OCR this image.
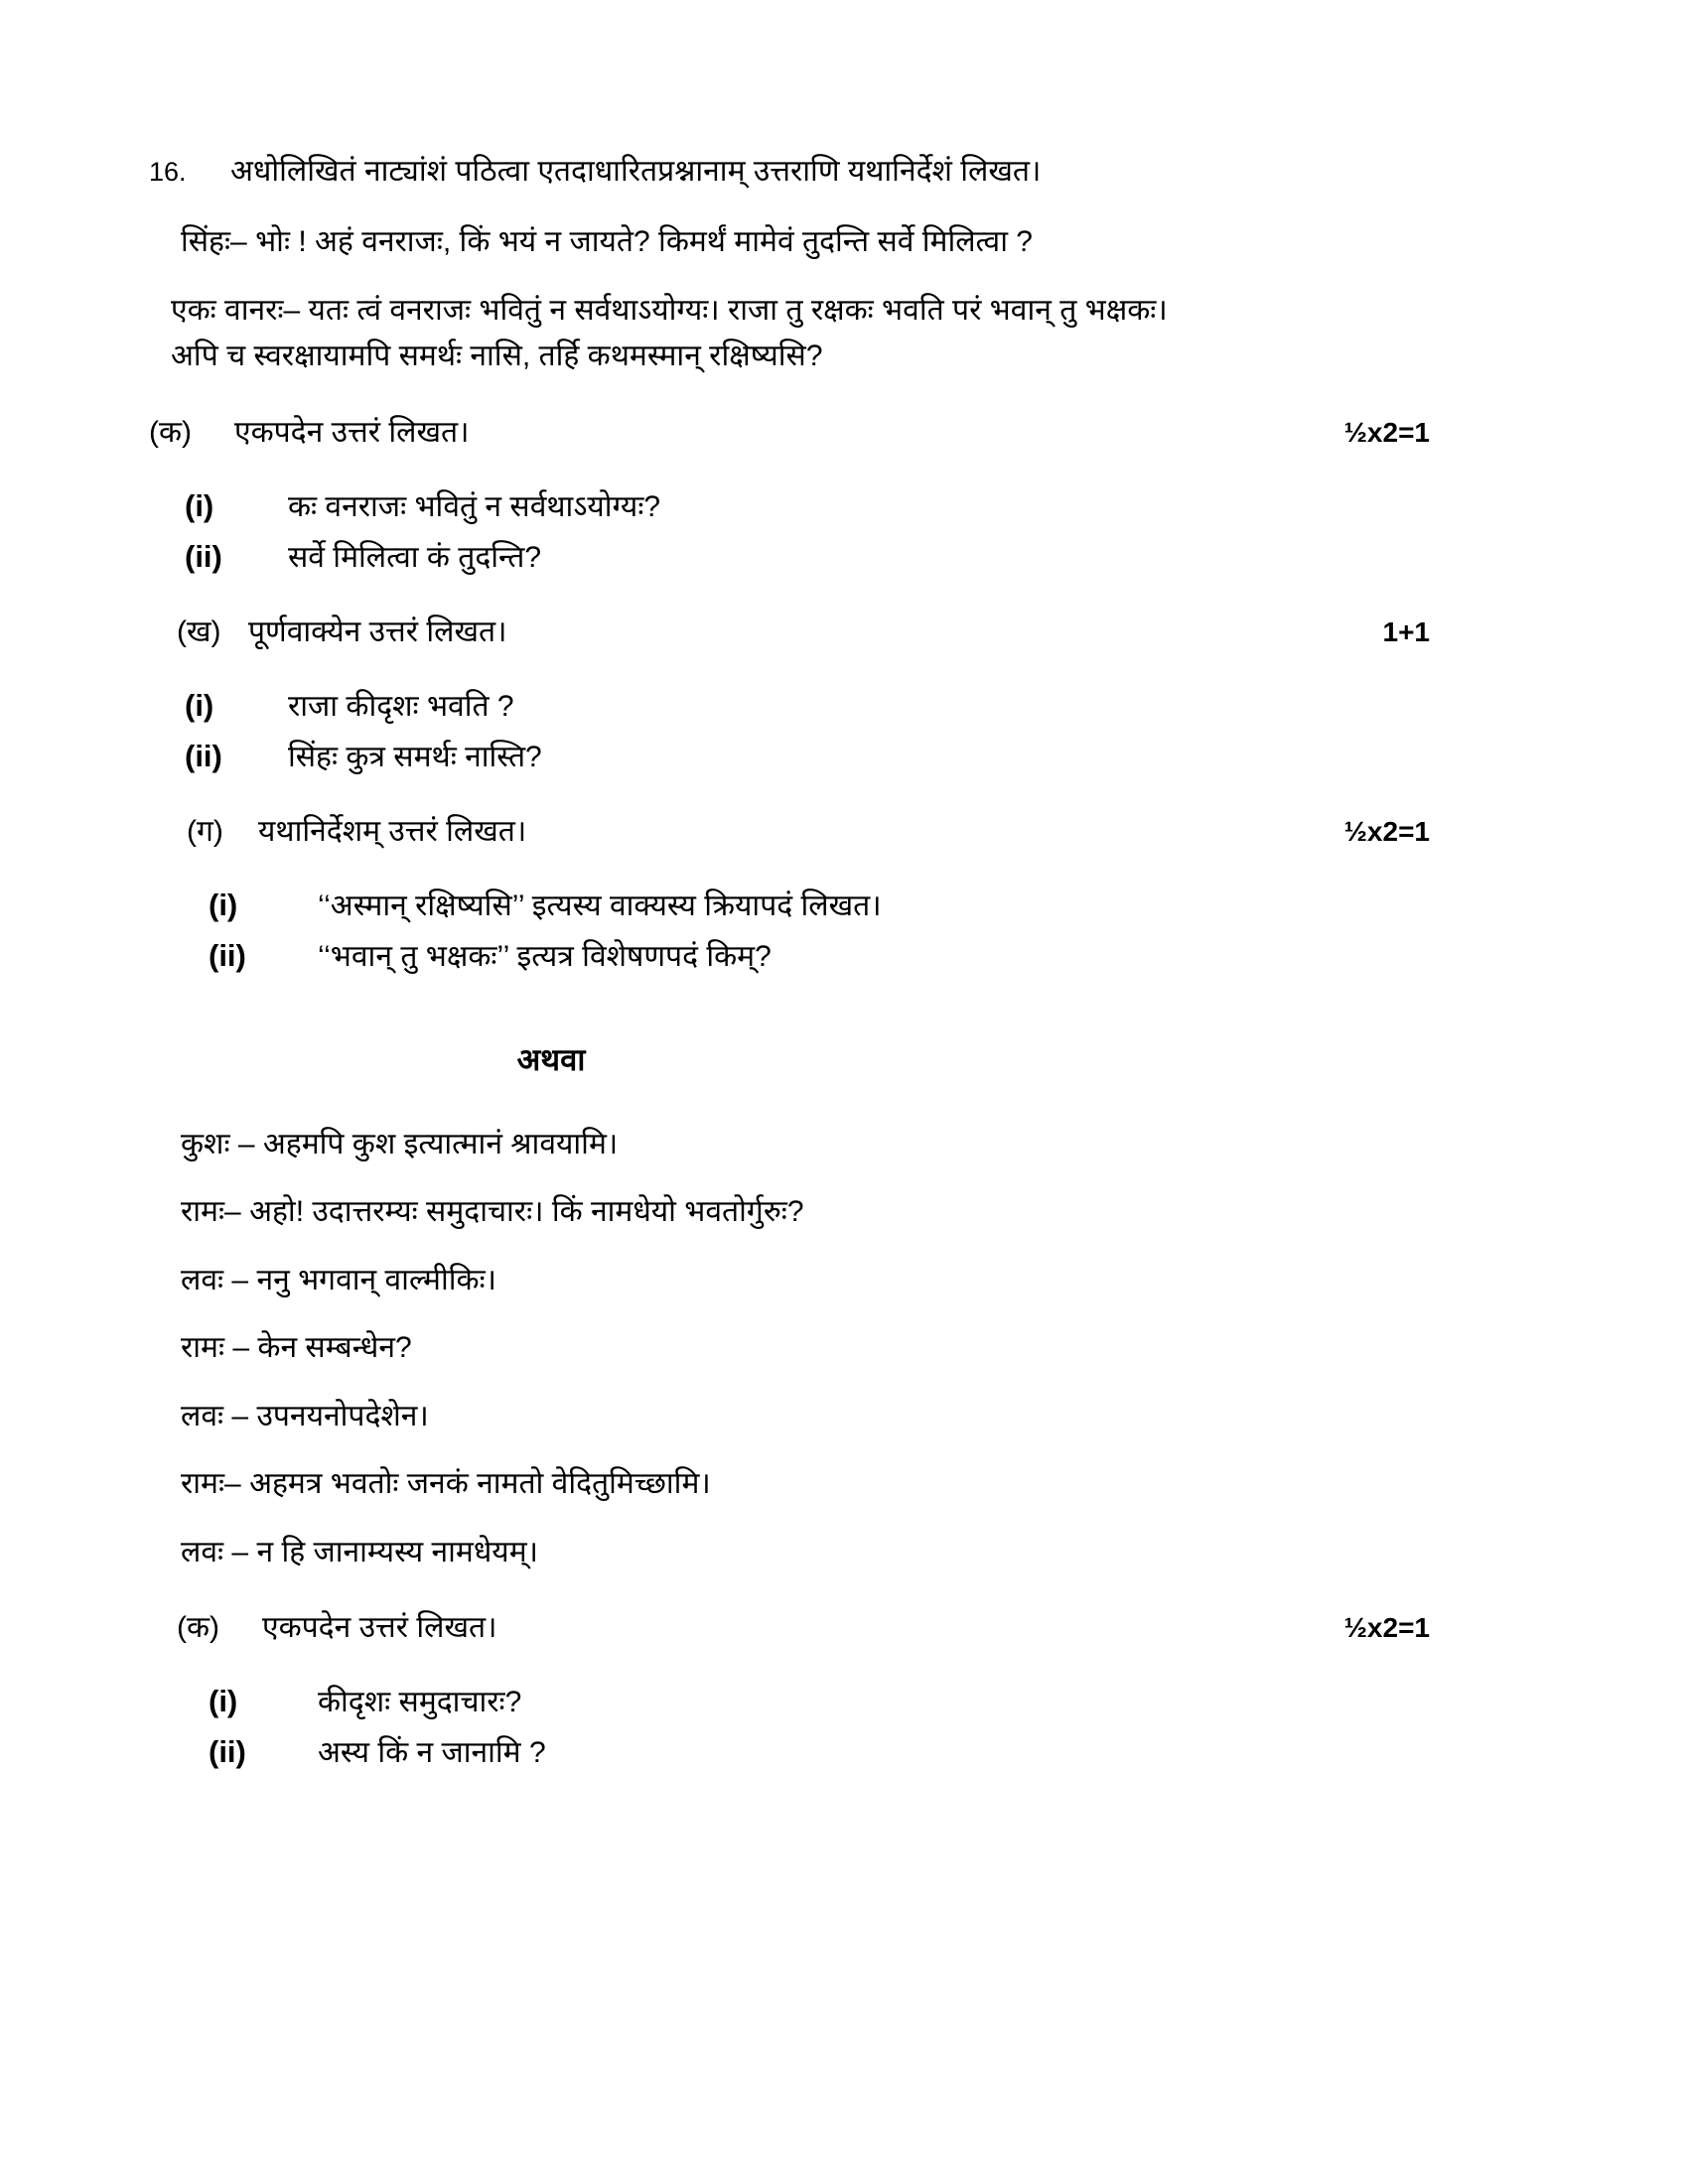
16.	अधोलिखितं नाट्यांशं पठित्वा एतदाधारितप्रश्नानाम् उत्तराणि यथानिर्देशं लिखत।
सिंहः– भोः ! अहं वनराजः, किं भयं न जायते? किमर्थं मामेवं तुदन्ति सर्वे मिलित्वा ?
एकः वानरः– यतः त्वं वनराजः भवितुं न सर्वथाऽयोग्यः। राजा तु रक्षकः भवति परं भवान् तु भक्षकः।
अपि च स्वरक्षायामपि समर्थः नासि, तर्हि कथमस्मान् रक्षिष्यसि?
(क)	एकपदेन उत्तरं लिखत।	½x2=1
(i)	कः वनराजः भवितुं न सर्वथाऽयोग्यः?
(ii)	सर्वे मिलित्वा कं तुदन्ति?
(ख) पूर्णवाक्येन उत्तरं लिखत।	1+1
(i)	राजा कीदृशः भवति ?
(ii)	सिंहः कुत्र समर्थः नास्ति?
(ग)	यथानिर्देशम् उत्तरं लिखत।	½x2=1
(i)	‘‘अस्मान् रक्षिष्यसि’’ इत्यस्य वाक्यस्य क्रियापदं लिखत।
(ii)	‘‘भवान् तु भक्षकः’’ इत्यत्र विशेषणपदं किम्?
अथवा
कुशः – अहमपि कुश इत्यात्मानं श्रावयामि।
रामः– अहो! उदात्तरम्यः समुदाचारः। किं नामधेयो भवतोर्गुरुः?
लवः – ननु भगवान् वाल्मीकिः।
रामः – केन सम्बन्धेन?
लवः – उपनयनोपदेशेन।
रामः– अहमत्र भवतोः जनकं नामतो वेदितुमिच्छामि।
लवः – न हि जानाम्यस्य नामधेयम्।
(क)	एकपदेन उत्तरं लिखत।	½x2=1
(i)	कीदृशः समुदाचारः?
(ii)	अस्य किं न जानामि ?
